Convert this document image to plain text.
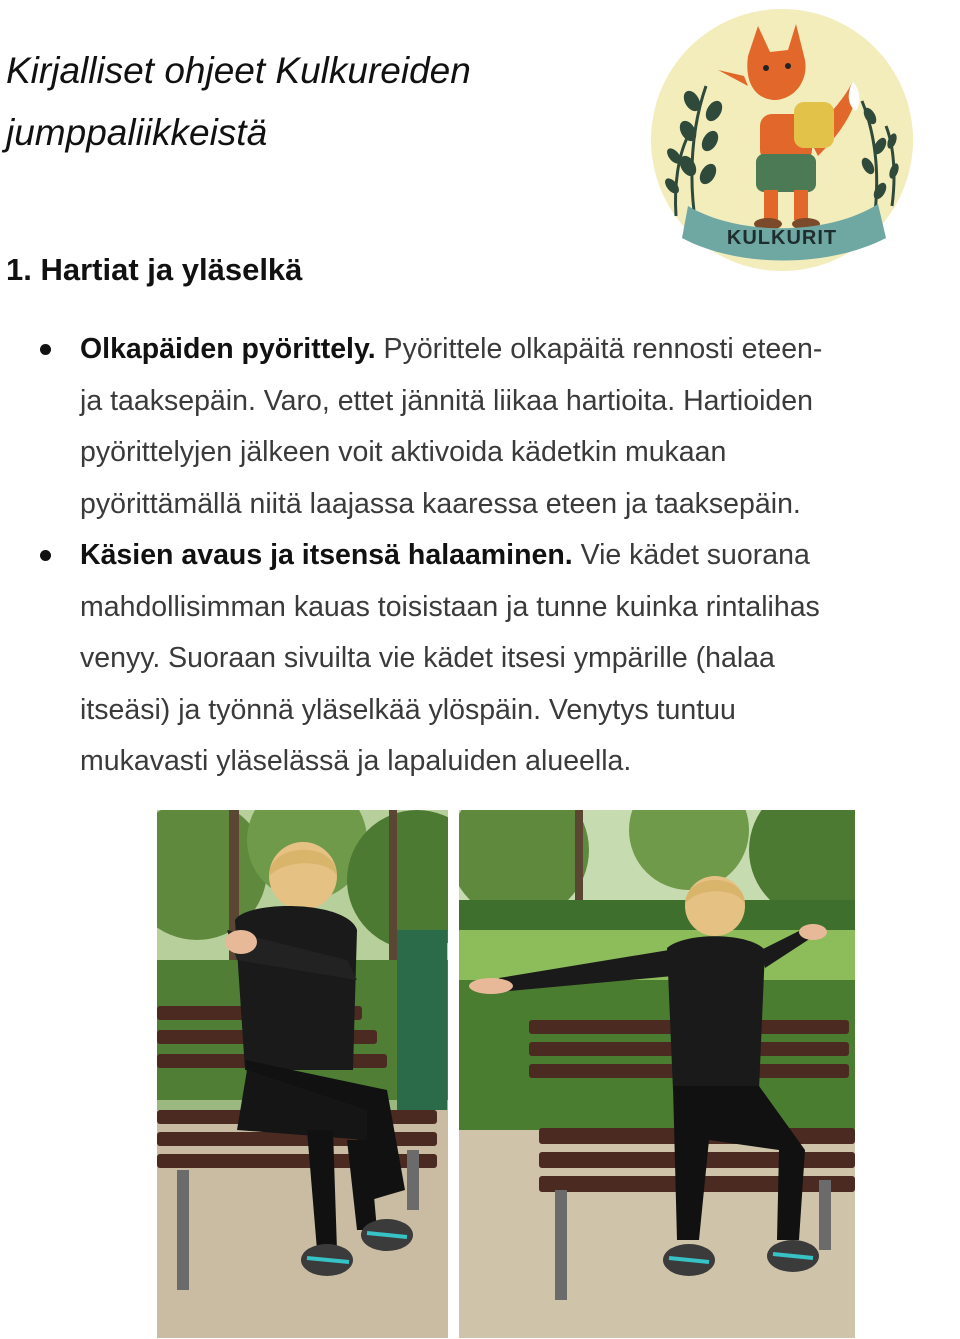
Kirjalliset ohjeet Kulkureiden
jumppaliikkeistä
KULKURIT
1. Hartiat ja yläselkä
Olkapäiden pyörittely. Pyörittele olkapäitä rennosti eteen-
ja taaksepäin. Varo, ettet jännitä liikaa hartioita. Hartioiden
pyörittelyjen jälkeen voit aktivoida kädetkin mukaan
pyörittämällä niitä laajassa kaaressa eteen ja taaksepäin.
Käsien avaus ja itsensä halaaminen. Vie kädet suorana
mahdollisimman kauas toisistaan ja tunne kuinka rintalihas
venyy. Suoraan sivuilta vie kädet itsesi ympärille (halaa
itseäsi) ja työnnä yläselkää ylöspäin. Venytys tuntuu
mukavasti yläselässä ja lapaluiden alueella.
